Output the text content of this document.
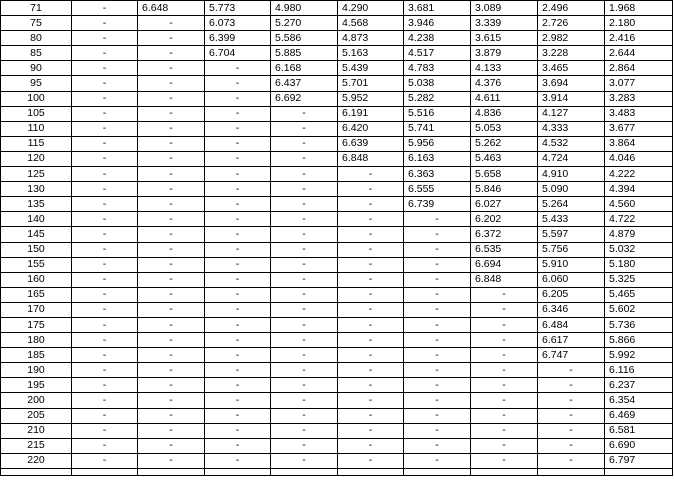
71	-	6.648	5.773	4.980	4.290	3.681	3.089	2.496	1.968
75	-	-	6.073	5.270	4.568	3.946	3.339	2.726	2.180
80	-	-	6.399	5.586	4.873	4.238	3.615	2.982	2.416
85	-	-	6.704	5.885	5.163	4.517	3.879	3.228	2.644
90	-	-	-	6.168	5.439	4.783	4.133	3.465	2.864
95	-	-	-	6.437	5.701	5.038	4.376	3.694	3.077
100	-	-	-	6.692	5.952	5.282	4.611	3.914	3.283
105	-	-	-	-	6.191	5.516	4.836	4.127	3.483
110	-	-	-	-	6.420	5.741	5.053	4.333	3.677
115	-	-	-	-	6.639	5.956	5.262	4.532	3.864
120	-	-	-	-	6.848	6.163	5.463	4.724	4.046
125	-	-	-	-	-	6.363	5.658	4.910	4.222
130	-	-	-	-	-	6.555	5.846	5.090	4.394
135	-	-	-	-	-	6.739	6.027	5.264	4.560
140	-	-	-	-	-	-	6.202	5.433	4.722
145	-	-	-	-	-	-	6.372	5.597	4.879
150	-	-	-	-	-	-	6.535	5.756	5.032
155	-	-	-	-	-	-	6.694	5.910	5.180
160	-	-	-	-	-	-	6.848	6.060	5.325
165	-	-	-	-	-	-	-	6.205	5.465
170	-	-	-	-	-	-	-	6.346	5.602
175	-	-	-	-	-	-	-	6.484	5.736
180	-	-	-	-	-	-	-	6.617	5.866
185	-	-	-	-	-	-	-	6.747	5.992
190	-	-	-	-	-	-	-	-	6.116
195	-	-	-	-	-	-	-	-	6.237
200	-	-	-	-	-	-	-	-	6.354
205	-	-	-	-	-	-	-	-	6.469
210	-	-	-	-	-	-	-	-	6.581
215	-	-	-	-	-	-	-	-	6.690
220	-	-	-	-	-	-	-	-	6.797
